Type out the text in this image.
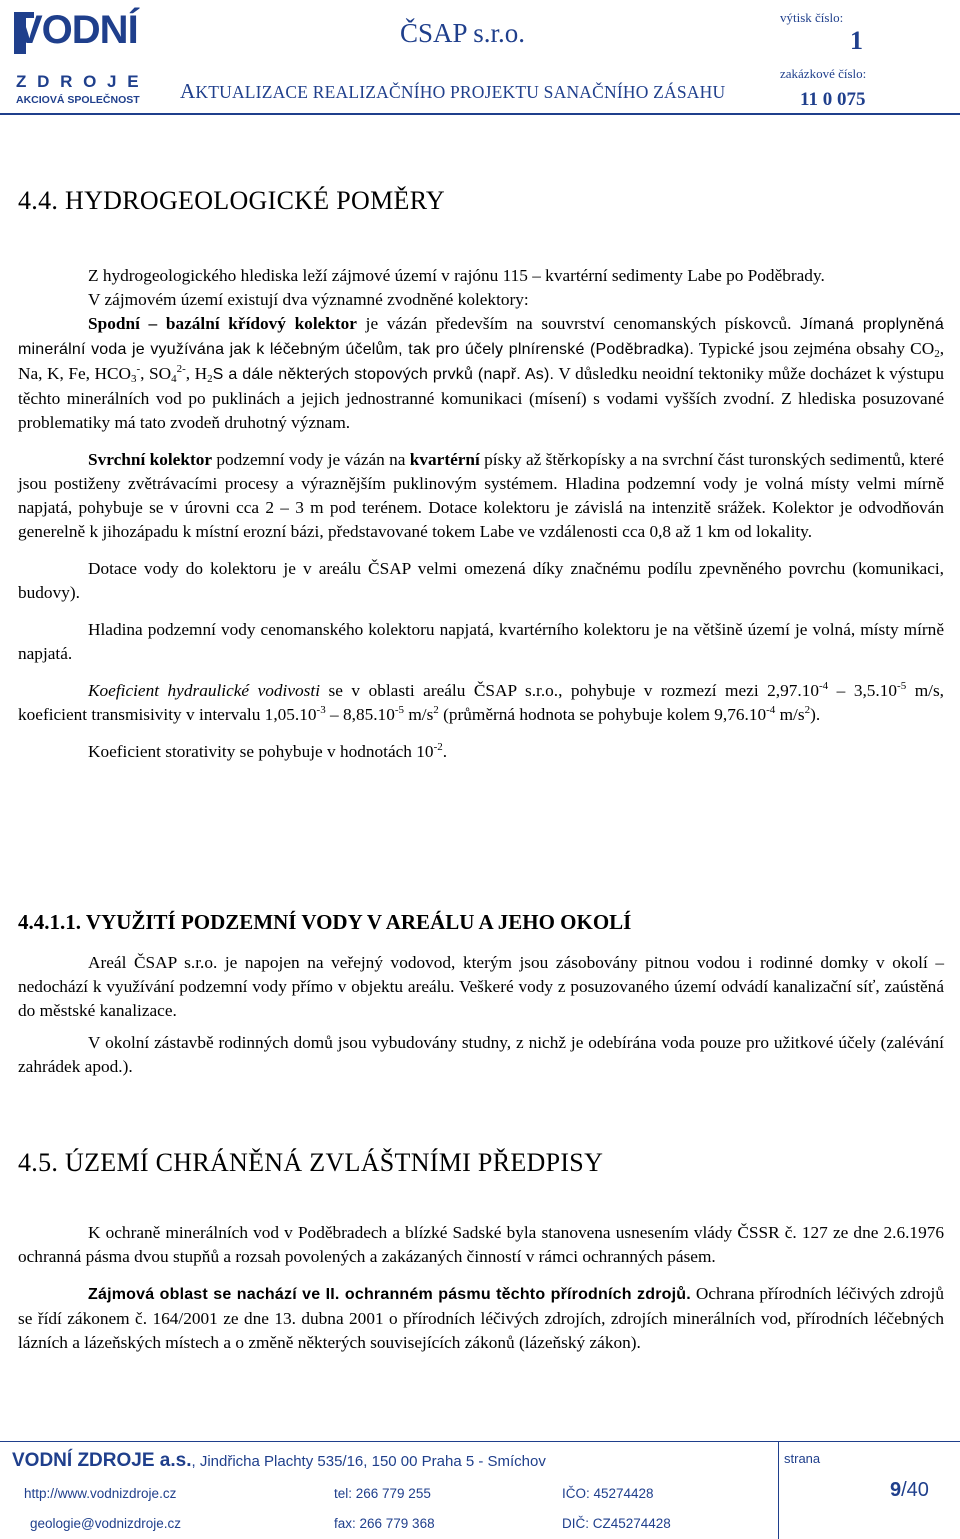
VODNÍ
Z D R O J E
AKCIOVÁ SPOLEČNOST
ČSAP s.r.o.
AKTUALIZACE REALIZAČNÍHO PROJEKTU SANAČNÍHO ZÁSAHU
výtisk číslo:
1
zakázkové číslo:
11 0 075
4.4. HYDROGEOLOGICKÉ POMĚRY

Z hydrogeologického hlediska leží zájmové území v rajónu 115 – kvartérní sedimenty Labe po Poděbrady.

V zájmovém území existují dva významné zvodněné kolektory:

Spodní – bazální křídový kolektor je vázán především na souvrství cenomanských pískovců. Jímaná proplyněná minerální voda je využívána jak k léčebným účelům, tak pro účely plnírenské (Poděbradka). Typické jsou zejména obsahy $CO_2$, Na, K, Fe, $HCO_3^-$, $SO_4^{2-}$, $H_2S$ a dále některých stopových prvků (např. As). V důsledku neoidní tektoniky může docházet k výstupu těchto minerálních vod po puklinách a jejich jednostranné komunikaci (mísení) s vodami vyšších zvodní. Z hlediska posuzované problematiky má tato zvodeň druhotný význam.

Svrchní kolektor podzemní vody je vázán na kvartérní písky až štěrkopísky a na svrchní část turonských sedimentů, které jsou postiženy zvětrávacími procesy a výraznějším puklinovým systémem. Hladina podzemní vody je volná místy velmi mírně napjatá, pohybuje se v úrovni cca 2 – 3 m pod terénem. Dotace kolektoru je závislá na intenzitě srážek. Kolektor je odvodňován generelně k jihozápadu k místní erozní bázi, představované tokem Labe ve vzdálenosti cca 0,8 až 1 km od lokality.

Dotace vody do kolektoru je v areálu ČSAP velmi omezená díky značnému podílu zpevněného povrchu (komunikaci, budovy).

Hladina podzemní vody cenomanského kolektoru napjatá, kvartérního kolektoru je na většině území je volná, místy mírně napjatá.

Koeficient hydraulické vodivosti se v oblasti areálu ČSAP s.r.o., pohybuje v rozmezí mezi $2,97.10^{-4} - 3,5.10^{-5}$ m/s, koeficient transmisivity v intervalu $1,05.10^{-3} - 8,85.10^{-5}$ $m/s^2$ (průměrná hodnota se pohybuje kolem $9,76.10^{-4}$ $m/s^2$).

Koeficient storativity se pohybuje v hodnotách $10^{-2}$.

4.4.1.1. VYUŽITÍ PODZEMNÍ VODY V AREÁLU A JEHO OKOLÍ

Areál ČSAP s.r.o. je napojen na veřejný vodovod, kterým jsou zásobovány pitnou vodou i rodinné domky v okolí – nedochází k využívání podzemní vody přímo v objektu areálu. Veškeré vody z posuzovaného území odvádí kanalizační síť, zaústěná do městské kanalizace.

V okolní zástavbě rodinných domů jsou vybudovány studny, z nichž je odebírána voda pouze pro užitkové účely (zalévání zahrádek apod.).

4.5. ÚZEMÍ CHRÁNĚNÁ ZVLÁŠTNÍMI PŘEDPISY

K ochraně minerálních vod v Poděbradech a blízké Sadské byla stanovena usnesením vlády ČSSR č. 127 ze dne 2.6.1976 ochranná pásma dvou stupňů a rozsah povolených a zakázaných činností v rámci ochranných pásem.

Zájmová oblast se nachází ve II. ochranném pásmu těchto přírodních zdrojů. Ochrana přírodních léčivých zdrojů se řídí zákonem č. 164/2001 ze dne 13. dubna 2001 o přírodních léčivých zdrojích, zdrojích minerálních vod, přírodních léčebných lázních a lázeňských místech a o změně některých souvisejících zákonů (lázeňský zákon).

VODNÍ ZDROJE a.s., Jindřicha Plachty 535/16, 150 00 Praha 5 - Smíchov
http://www.vodnizdroje.cz	tel: 266 779 255	IČO: 45274428
geologie@vodnizdroje.cz	fax: 266 779 368	DIČ: CZ45274428
strana
9/40
